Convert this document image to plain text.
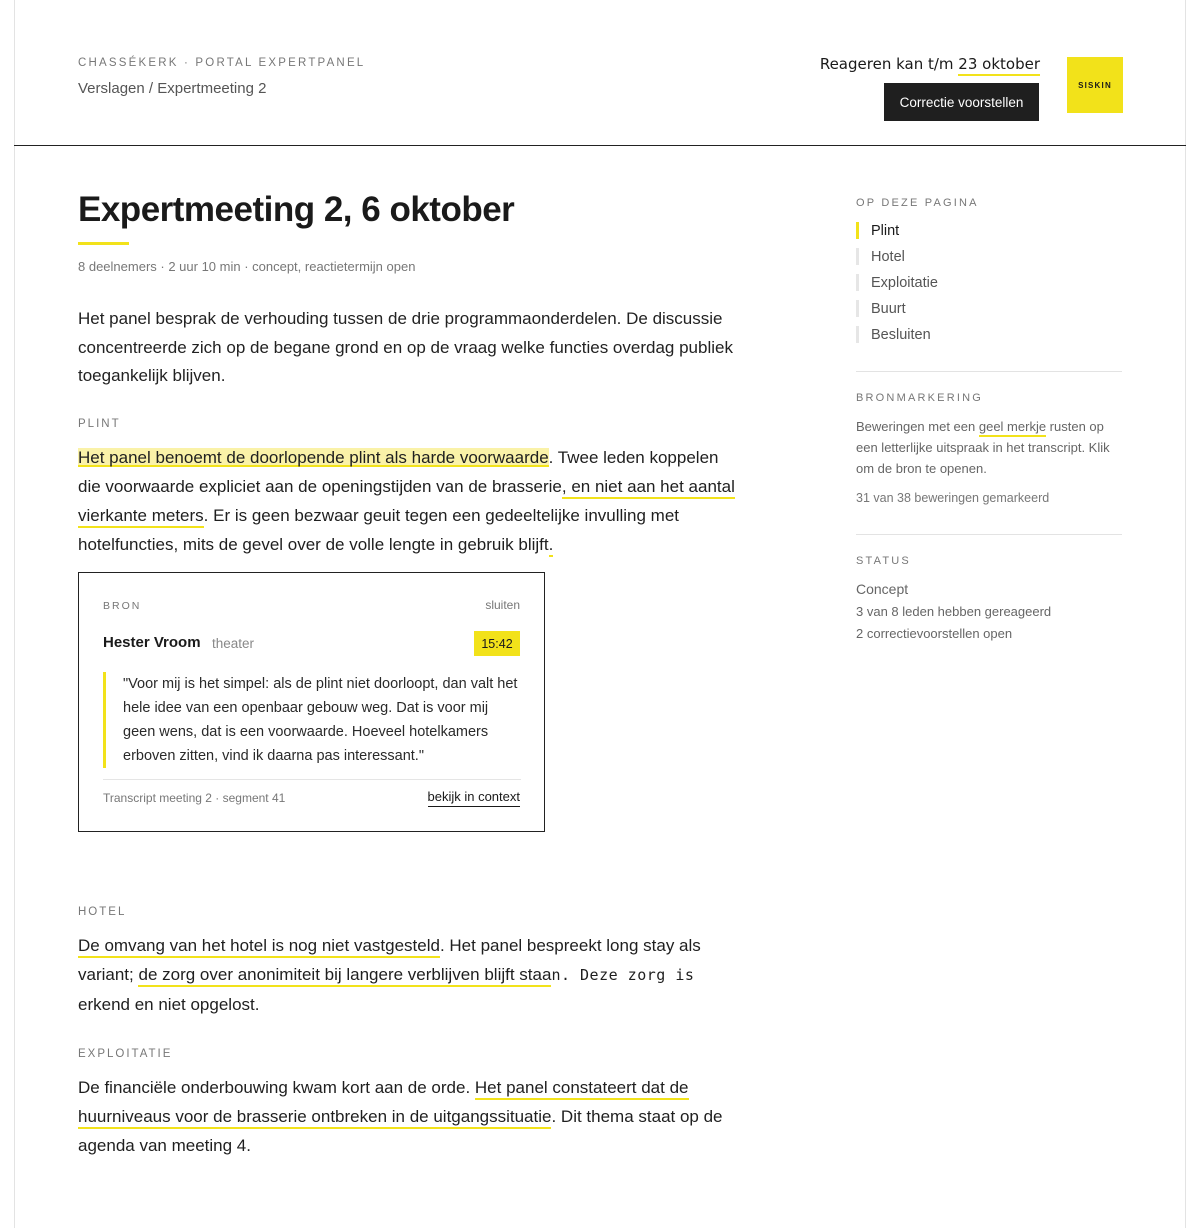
CHASSÉKERK · PORTAL EXPERTPANEL
Verslagen / Expertmeeting 2
Reageren kan t/m 23 oktober
Correctie voorstellen
SISKIN
Expertmeeting 2, 6 oktober
8 deelnemers · 2 uur 10 min · concept, reactietermijn open

Het panel besprak de verhouding tussen de drie programmaonderdelen. De discussie concentreerde zich op de begane grond en op de vraag welke functies overdag publiek toegankelijk blijven.

PLINT

Het panel benoemt de doorlopende plint als harde voorwaarde. Twee leden koppelen die voorwaarde expliciet aan de openingstijden van de brasserie, en niet aan het aantal vierkante meters. Er is geen bezwaar geuit tegen een gedeeltelijke invulling met hotelfuncties, mits de gevel over de volle lengte in gebruik blijft.

BRON	sluiten
Hester Vroom theater	15:42
"Voor mij is het simpel: als de plint niet doorloopt, dan valt het hele idee van een openbaar gebouw weg. Dat is voor mij geen wens, dat is een voorwaarde. Hoeveel hotelkamers erboven zitten, vind ik daarna pas interessant."
Transcript meeting 2 · segment 41	bekijk in context
HOTEL

De omvang van het hotel is nog niet vastgesteld. Het panel bespreekt long stay als variant; de zorg over anonimiteit bij langere verblijven blijft staan. Deze zorg is erkend en niet opgelost.

EXPLOITATIE

De financiële onderbouwing kwam kort aan de orde. Het panel constateert dat de huurniveaus voor de brasserie ontbreken in de uitgangssituatie. Dit thema staat op de agenda van meeting 4.

OP DEZE PAGINA
Plint
Hotel
Exploitatie
Buurt
Besluiten
BRONMARKERING

Beweringen met een geel merkje rusten op een letterlijke uitspraak in het transcript. Klik om de bron te openen.

31 van 38 beweringen gemarkeerd
STATUS
Concept
3 van 8 leden hebben gereageerd
2 correctievoorstellen open
